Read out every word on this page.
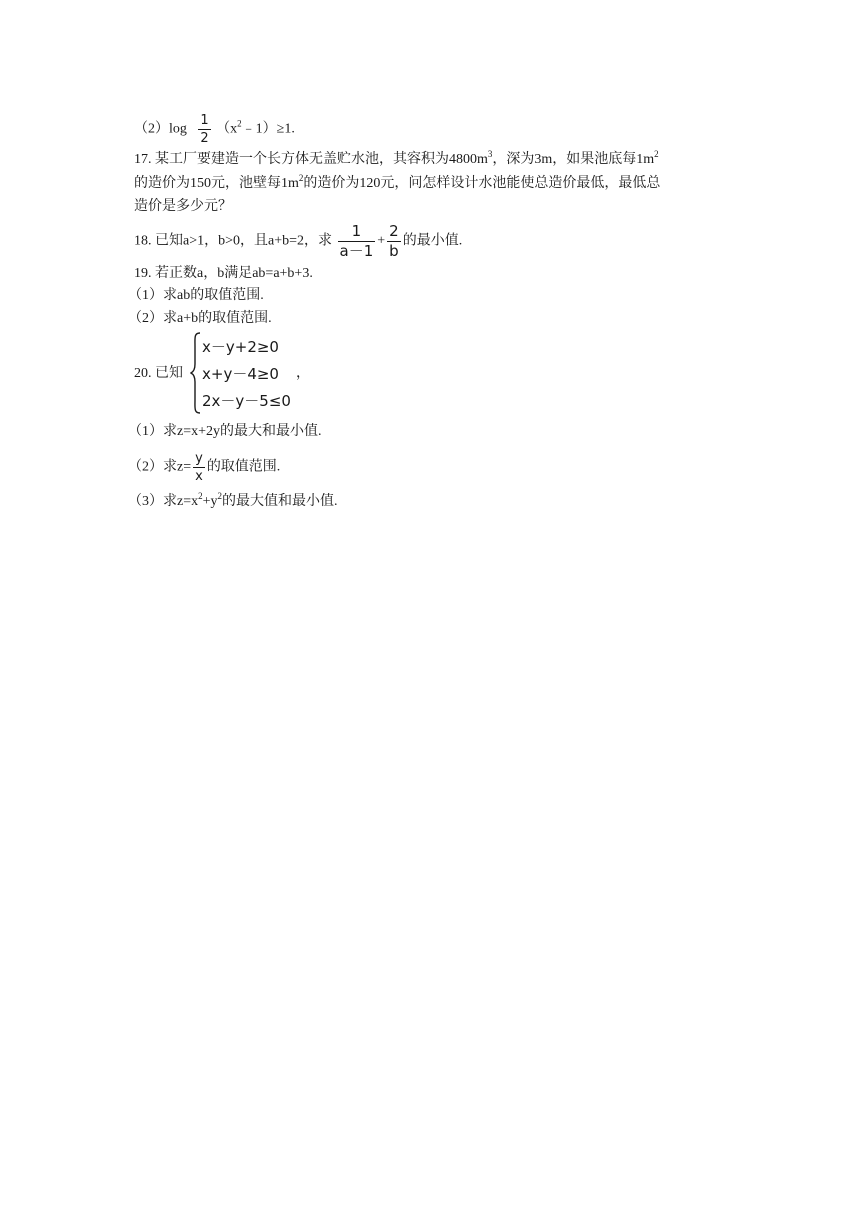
$(2)\log \frac{1}{2}$ $(x^2﹣1)\ge 1$.
17. 某工厂要建造一个长方体无盖贮水池，其容积为$4800m^3$，深为3m，如果池底每$1m^2$
的造价为150元，池壁每$1m^2$的造价为120元，问怎样设计水池能使总造价最低，最低总
造价是多少元？
18. 已知a>1，b>0，且a+b=2，求 $\frac{1}{a-1} + \frac{2}{b}$ 的最小值.
19. 若正数a，b满足ab=a+b+3.
（1）求ab的取值范围.
（2）求a+b的取值范围.
20. 已知
x－y+2≥0
x+y－4≥0
2x－y－5≤0
，
（1）求z=x+2y的最大和最小值.
（2）求$z= \frac{y}{x}$ 的取值范围.
（3）求$z=x^2+y^2$的最大值和最小值.
